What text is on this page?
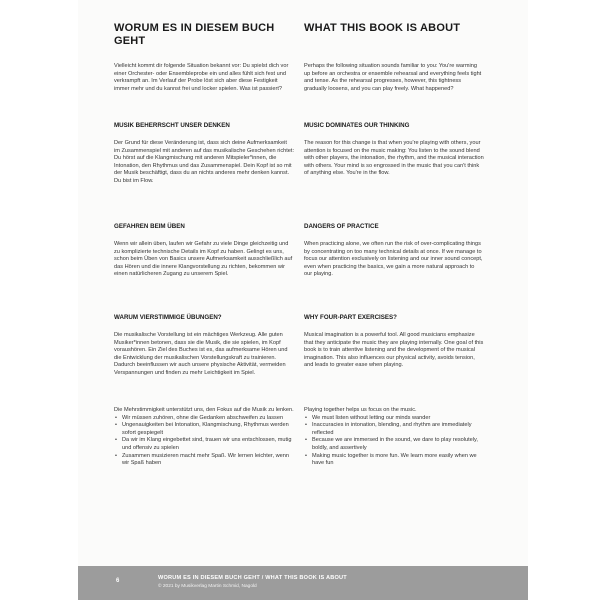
WORUM ES IN DIESEM BUCH GEHT

Vielleicht kommt dir folgende Situation bekannt vor: Du spielst dich vor einer Orchester- oder Ensembleprobe ein und alles fühlt sich fest und verkrampft an. Im Verlauf der Probe löst sich aber diese Festigkeit immer mehr und du kannst frei und locker spielen. Was ist passiert?

MUSIK BEHERRSCHT UNSER DENKEN

Der Grund für diese Veränderung ist, dass sich deine Aufmerksamkeit im Zusammenspiel mit anderen auf das musikalische Geschehen richtet: Du hörst auf die Klangmischung mit anderen Mitspieler*innen, die Intonation, den Rhythmus und das Zusammenspiel. Dein Kopf ist so mit der Musik beschäftigt, dass du an nichts anderes mehr denken kannst. Du bist im Flow.

GEFAHREN BEIM ÜBEN

Wenn wir allein üben, laufen wir Gefahr zu viele Dinge gleichzeitig und zu komplizierte technische Details im Kopf zu haben. Gelingt es uns, schon beim Üben von Basics unsere Aufmerksamkeit ausschließlich auf das Hören und die innere Klangvorstellung zu richten, bekommen wir einen natürlicheren Zugang zu unserem Spiel.

WARUM VIERSTIMMIGE ÜBUNGEN?

Die musikalische Vorstellung ist ein mächtiges Werkzeug. Alle guten Musiker*innen betonen, dass sie die Musik, die sie spielen, im Kopf voraushören. Ein Ziel des Buches ist es, das aufmerksame Hören und die Entwicklung der musikalischen Vorstellungskraft zu trainieren. Dadurch beeinflussen wir auch unsere physische Aktivität, vermeiden Verspannungen und finden zu mehr Leichtigkeit im Spiel.

Die Mehrstimmigkeit unterstützt uns, den Fokus auf die Musik zu lenken.

• Wir müssen zuhören, ohne die Gedanken abschweifen zu lassen
• Ungenauigkeiten bei Intonation, Klangmischung, Rhythmus werden sofort gespiegelt
• Da wir im Klang eingebettet sind, trauen wir uns entschlossen, mutig und offensiv zu spielen
• Zusammen musizieren macht mehr Spaß. Wir lernen leichter, wenn wir Spaß haben
WHAT THIS BOOK IS ABOUT

Perhaps the following situation sounds familiar to you: You're warming up before an orchestra or ensemble rehearsal and everything feels tight and tense. As the rehearsal progresses, however, this tightness gradually loosens, and you can play freely. What happened?

MUSIC DOMINATES OUR THINKING

The reason for this change is that when you're playing with others, your attention is focused on the music making: You listen to the sound blend with other players, the intonation, the rhythm, and the musical interaction with others. Your mind is so engrossed in the music that you can't think of anything else. You're in the flow.

DANGERS OF PRACTICE

When practicing alone, we often run the risk of over-complicating things by concentrating on too many technical details at once. If we manage to focus our attention exclusively on listening and our inner sound concept, even when practicing the basics, we gain a more natural approach to our playing.

WHY FOUR-PART EXERCISES?

Musical imagination is a powerful tool. All good musicians emphasize that they anticipate the music they are playing internally. One goal of this book is to train attentive listening and the development of the musical imagination. This also influences our physical activity, avoids tension, and leads to greater ease when playing.

Playing together helps us focus on the music.

• We must listen without letting our minds wander
• Inaccuracies in intonation, blending, and rhythm are immediately reflected
• Because we are immersed in the sound, we dare to play resolutely, boldly, and assertively
• Making music together is more fun. We learn more easily when we have fun
6	WORUM ES IN DIESEM BUCH GEHT / WHAT THIS BOOK IS ABOUT
© 2021 by Musikverlag Martin Schmid, Nagold
